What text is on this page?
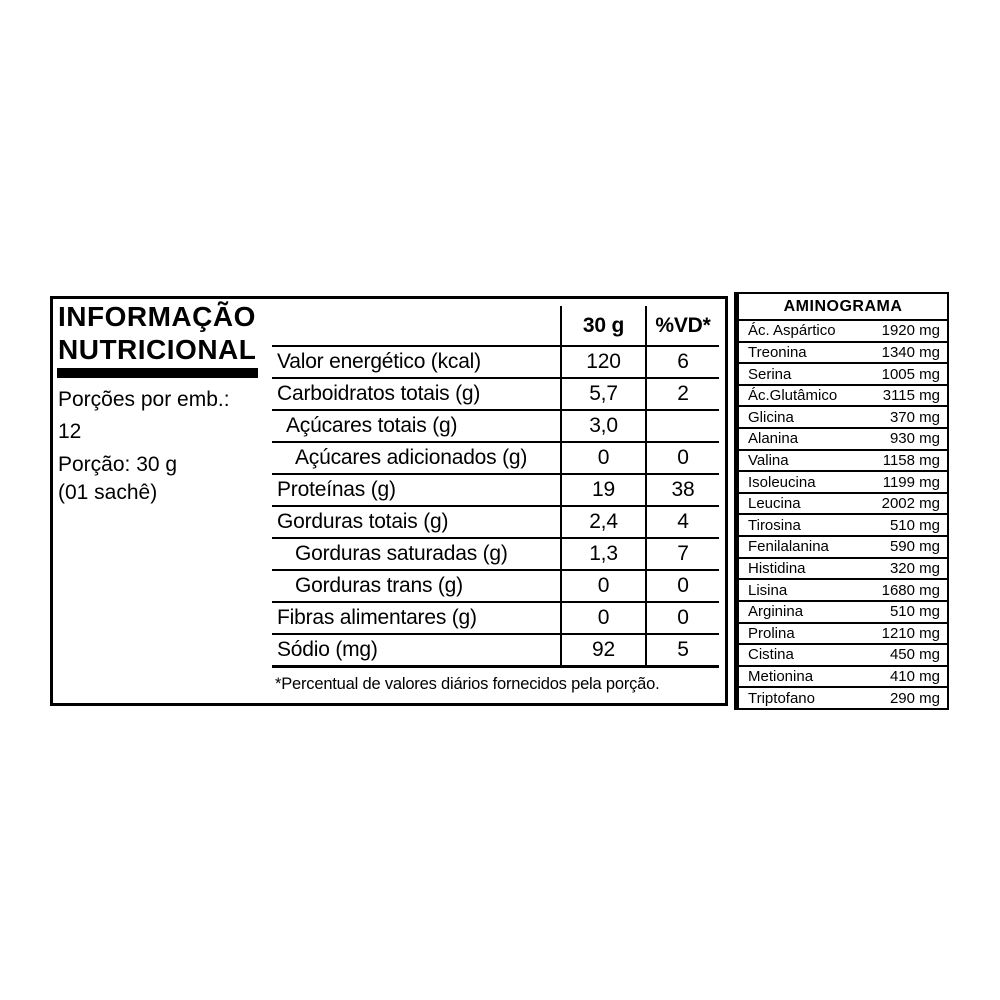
INFORMAÇÃO
NUTRICIONAL
Porções por emb.:
12
Porção: 30 g
(01 sachê)
	30 g	%VD*
Valor energético (kcal)	120	6
Carboidratos totais (g)	5,7	2
Açúcares totais (g)	3,0	
Açúcares adicionados (g)	0	0
Proteínas (g)	19	38
Gorduras totais (g)	2,4	4
Gorduras saturadas (g)	1,3	7
Gorduras trans (g)	0	0
Fibras alimentares (g)	0	0
Sódio (mg)	92	5
*Percentual de valores diários fornecidos pela porção.
AMINOGRAMA
Ác. Aspártico	1920 mg
Treonina	1340 mg
Serina	1005 mg
Ác.Glutâmico	3115 mg
Glicina	370 mg
Alanina	930 mg
Valina	1158 mg
Isoleucina	1199 mg
Leucina	2002 mg
Tirosina	510 mg
Fenilalanina	590 mg
Histidina	320 mg
Lisina	1680 mg
Arginina	510 mg
Prolina	1210 mg
Cistina	450 mg
Metionina	410 mg
Triptofano	290 mg
